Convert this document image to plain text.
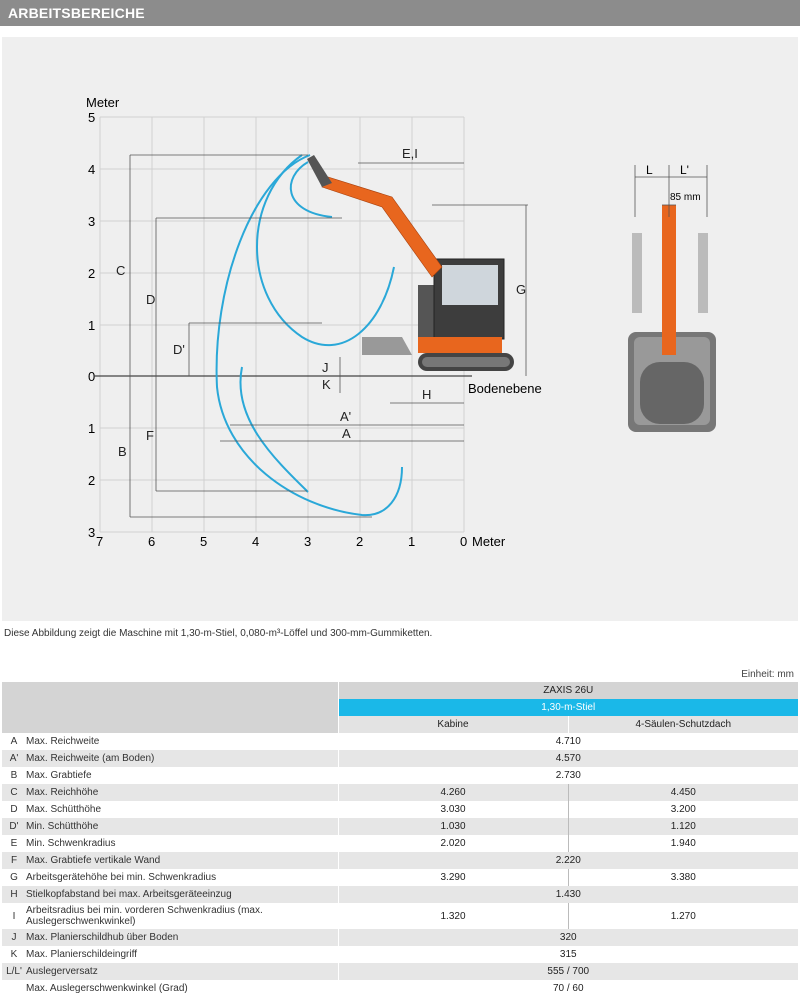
ARBEITSBEREICHE
Meter
Meter
5
4
3
2
1
0
1
2
3
7	6	5	4	3	2	1	0
Bodenebene
E,I
C
D
D'
G
J
K
H
A'
A
B
F
L L'
85 mm
Diese Abbildung zeigt die Maschine mit 1,30-m-Stiel, 0,080-m³-Löffel und 300-mm-Gummiketten.
Einheit: mm
		ZAXIS 26U	
		1,30-m-Stiel	
		Kabine	4-Säulen-Schutzdach
A	Max. Reichweite	4.710	
A'	Max. Reichweite (am Boden)	4.570	
B	Max. Grabtiefe	2.730	
C	Max. Reichhöhe	4.260	4.450
D	Max. Schütthöhe	3.030	3.200
D'	Min. Schütthöhe	1.030	1.120
E	Min. Schwenkradius	2.020	1.940
F	Max. Grabtiefe vertikale Wand	2.220	
G	Arbeitsgerätehöhe bei min. Schwenkradius	3.290	3.380
H	Stielkopfabstand bei max. Arbeitsgeräteeinzug	1.430	
I	Arbeitsradius bei min. vorderen Schwenkradius (max. Auslegerschwenkwinkel)	1.320	1.270
J	Max. Planierschildhub über Boden	320	
K	Max. Planierschildeingriff	315	
L/L'	Auslegerversatz	555 / 700	
	Max. Auslegerschwenkwinkel (Grad)	70 / 60	
